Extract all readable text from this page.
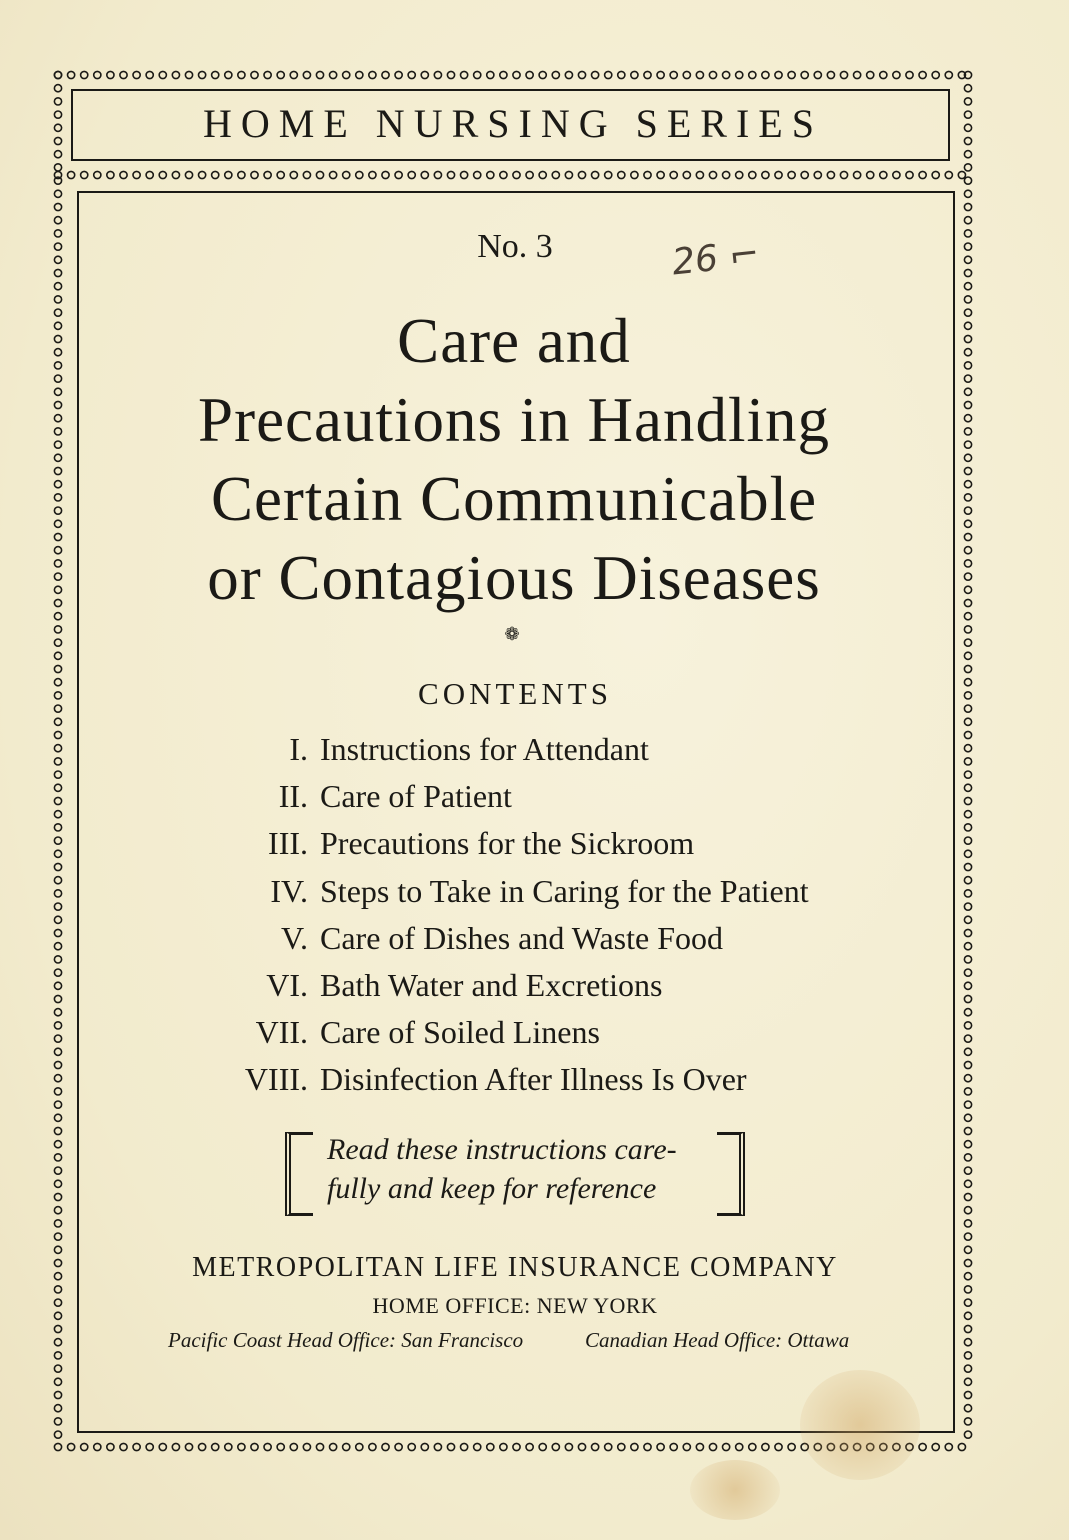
HOME NURSING SERIES
No. 3	26 ⌐
Care and
Precautions in Handling
Certain Communicable
or Contagious Diseases
❁
CONTENTS
I. Instructions for Attendant
II. Care of Patient
III. Precautions for the Sickroom
IV. Steps to Take in Caring for the Patient
V. Care of Dishes and Waste Food
VI. Bath Water and Excretions
VII. Care of Soiled Linens
VIII. Disinfection After Illness Is Over
Read these instructions care-
fully and keep for reference
METROPOLITAN LIFE INSURANCE COMPANY
HOME OFFICE: NEW YORK
Pacific Coast Head Office: San Francisco	Canadian Head Office: Ottawa
